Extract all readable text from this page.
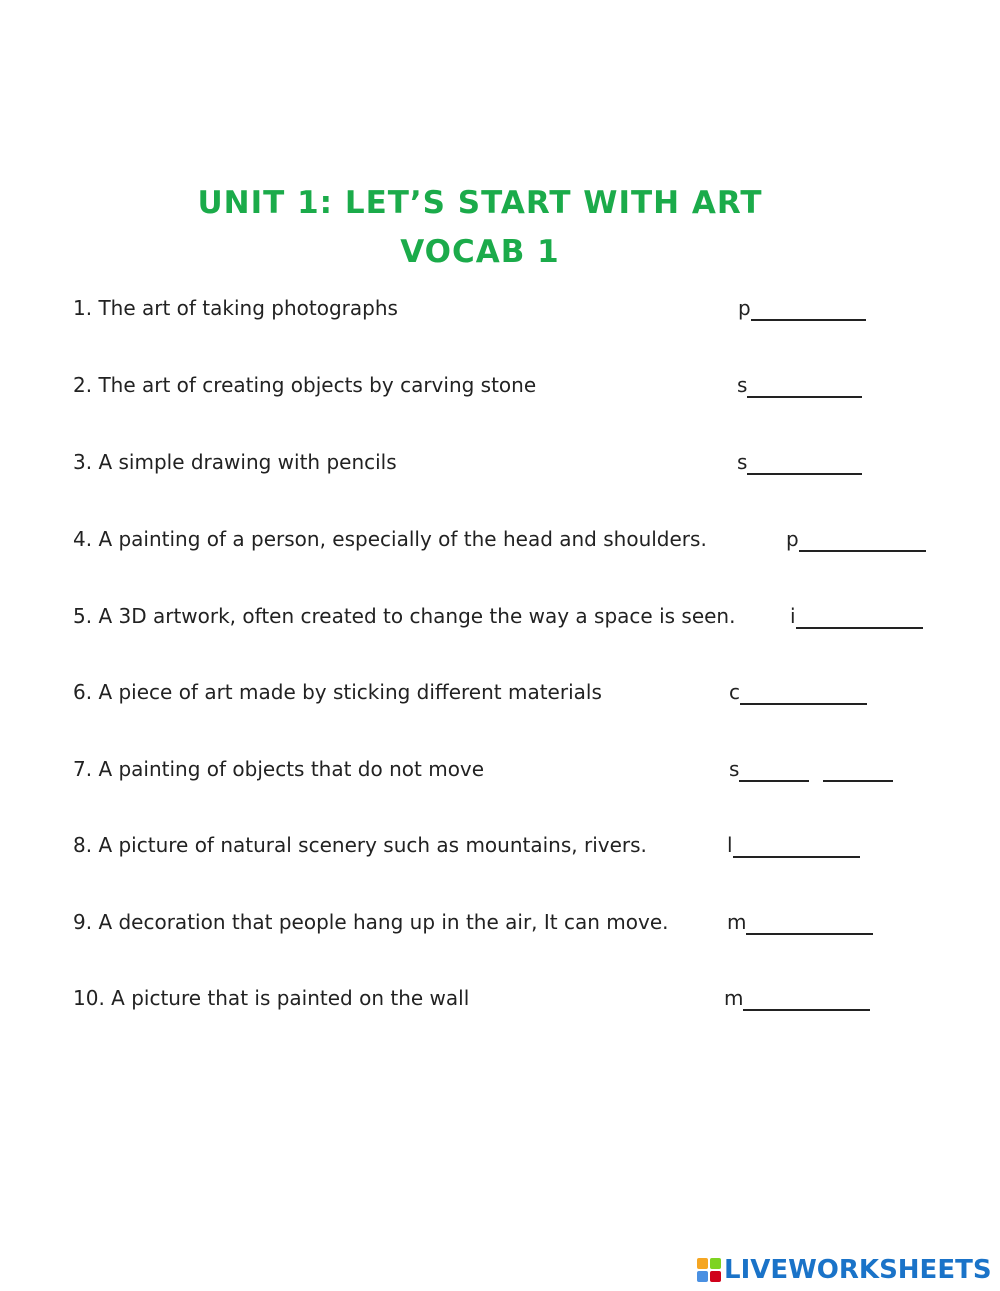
UNIT 1: LET’S START WITH ART
VOCAB 1
1. The art of taking photographs	p
2. The art of creating objects by carving stone	s
3. A simple drawing with pencils	s
4. A painting of a person, especially of the head and shoulders.	p
5. A 3D artwork, often created to change the way a space is seen.	i
6. A piece of art made by sticking different materials	c
7. A painting of objects that do not move	s
8. A picture of natural scenery such as mountains, rivers.	l
9. A decoration that people hang up in the air, It can move.	m
10. A picture that is painted on the wall	m
LIVEWORKSHEETS
